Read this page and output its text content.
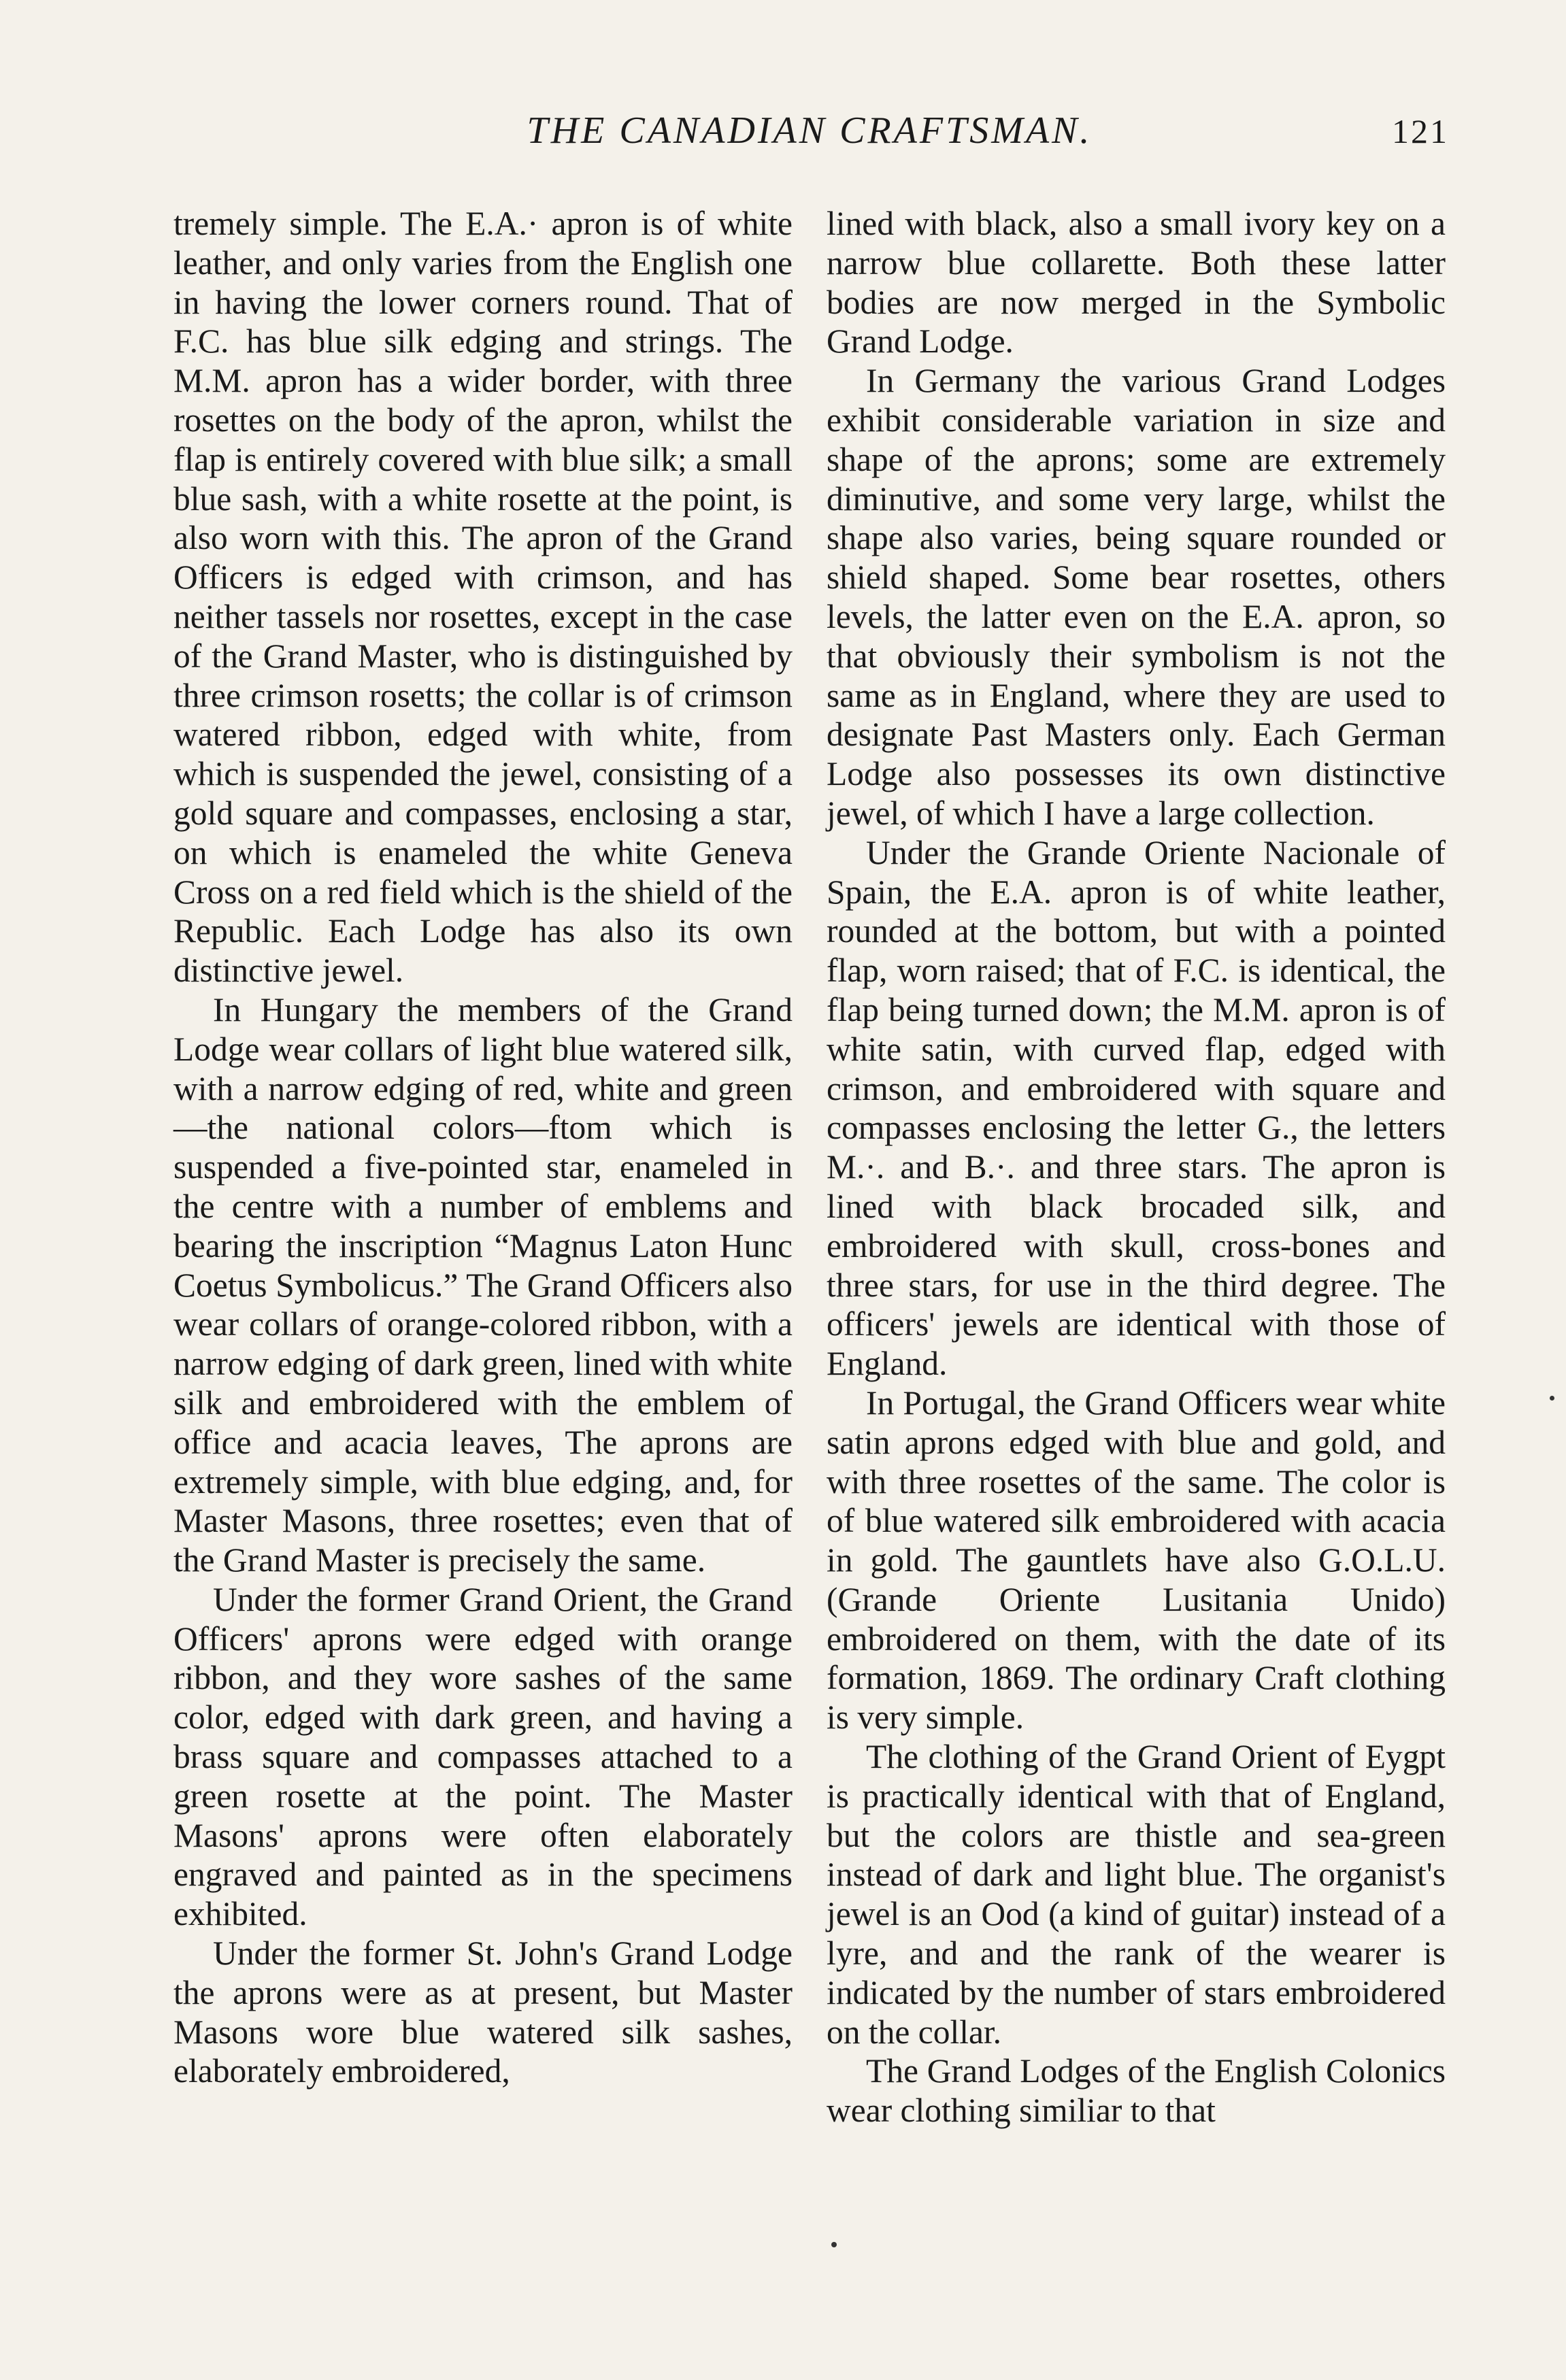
THE CANADIAN CRAFTSMAN.	121

tremely simple. The E.A.· apron is of white leather, and only varies from the English one in having the lower corners round. That of F.C. has blue silk edging and strings. The M.M. apron has a wider border, with three rosettes on the body of the apron, whilst the flap is entirely covered with blue silk; a small blue sash, with a white rosette at the point, is also worn with this. The apron of the Grand Officers is edged with crimson, and has neither tassels nor rosettes, except in the case of the Grand Master, who is distinguished by three crimson rosetts; the collar is of crimson watered ribbon, edged with white, from which is suspended the jewel, consisting of a gold square and compasses, enclosing a star, on which is enameled the white Geneva Cross on a red field which is the shield of the Republic. Each Lodge has also its own distinctive jewel.

In Hungary the members of the Grand Lodge wear collars of light blue watered silk, with a narrow edging of red, white and green—the national colors—ftom which is suspended a five-pointed star, enameled in the centre with a number of emblems and bearing the inscription “Magnus Laton Hunc Coetus Symbolicus.” The Grand Officers also wear collars of orange-colored ribbon, with a narrow edging of dark green, lined with white silk and embroidered with the emblem of office and acacia leaves, The aprons are extremely simple, with blue edging, and, for Master Masons, three rosettes; even that of the Grand Master is precisely the same.

Under the former Grand Orient, the Grand Officers' aprons were edged with orange ribbon, and they wore sashes of the same color, edged with dark green, and having a brass square and compasses attached to a green rosette at the point. The Master Masons' aprons were often elaborately engraved and painted as in the specimens exhibited.

Under the former St. John's Grand Lodge the aprons were as at present, but Master Masons wore blue watered silk sashes, elaborately embroidered,

lined with black, also a small ivory key on a narrow blue collarette. Both these latter bodies are now merged in the Symbolic Grand Lodge.

In Germany the various Grand Lodges exhibit considerable variation in size and shape of the aprons; some are extremely diminutive, and some very large, whilst the shape also varies, being square rounded or shield shaped. Some bear rosettes, others levels, the latter even on the E.A. apron, so that obviously their symbolism is not the same as in England, where they are used to designate Past Masters only. Each German Lodge also possesses its own distinctive jewel, of which I have a large collection.

Under the Grande Oriente Nacionale of Spain, the E.A. apron is of white leather, rounded at the bottom, but with a pointed flap, worn raised; that of F.C. is identical, the flap being turned down; the M.M. apron is of white satin, with curved flap, edged with crimson, and embroidered with square and compasses enclosing the letter G., the letters M.·. and B.·. and three stars. The apron is lined with black brocaded silk, and embroidered with skull, cross-bones and three stars, for use in the third degree. The officers' jewels are identical with those of England.

In Portugal, the Grand Officers wear white satin aprons edged with blue and gold, and with three rosettes of the same. The color is of blue watered silk embroidered with acacia in gold. The gauntlets have also G.O.L.U. (Grande Oriente Lusitania Unido) embroidered on them, with the date of its formation, 1869. The ordinary Craft clothing is very simple.

The clothing of the Grand Orient of Eygpt is practically identical with that of England, but the colors are thistle and sea-green instead of dark and light blue. The organist's jewel is an Ood (a kind of guitar) instead of a lyre, and and the rank of the wearer is indicated by the number of stars embroidered on the collar.

The Grand Lodges of the English Colonics wear clothing similiar to that
